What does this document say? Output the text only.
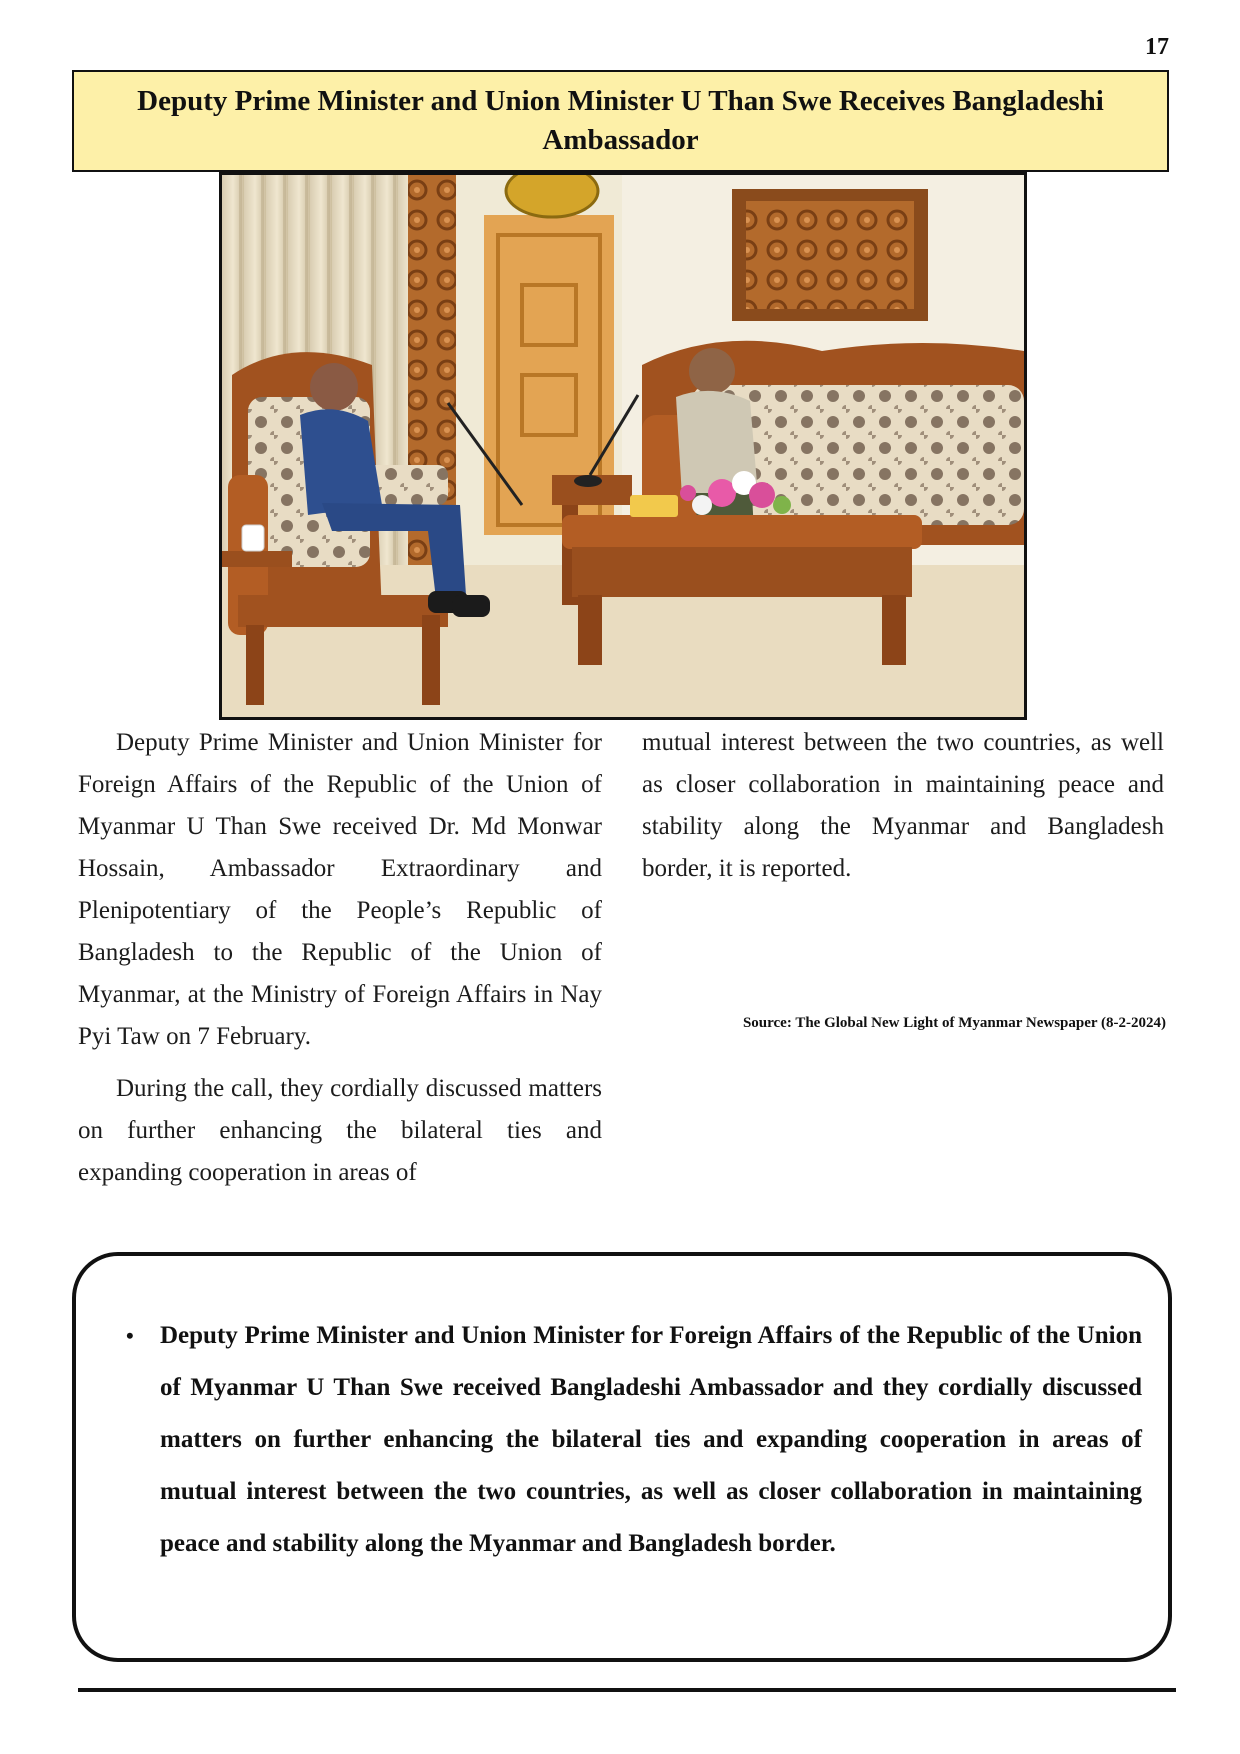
17
Deputy Prime Minister and Union Minister U Than Swe Receives Bangladeshi Ambassador

Deputy Prime Minister and Union Minister for Foreign Affairs of the Republic of the Union of Myanmar U Than Swe received Dr. Md Monwar Hossain, Ambassador Extraordinary and Plenipotentiary of the People’s Republic of Bangladesh to the Republic of the Union of Myanmar, at the Ministry of Foreign Affairs in Nay Pyi Taw on 7 February.

During the call, they cordially discussed matters on further enhancing the bilateral ties and expanding cooperation in areas of

mutual interest between the two countries, as well as closer collaboration in maintaining peace and stability along the Myanmar and Bangladesh border, it is reported.

Source: The Global New Light of Myanmar Newspaper (8-2-2024)
• Deputy Prime Minister and Union Minister for Foreign Affairs of the Republic of the Union of Myanmar U Than Swe received Bangladeshi Ambassador and they cordially discussed matters on further enhancing the bilateral ties and expanding cooperation in areas of mutual interest between the two countries, as well as closer collaboration in maintaining peace and stability along the Myanmar and Bangladesh border.
